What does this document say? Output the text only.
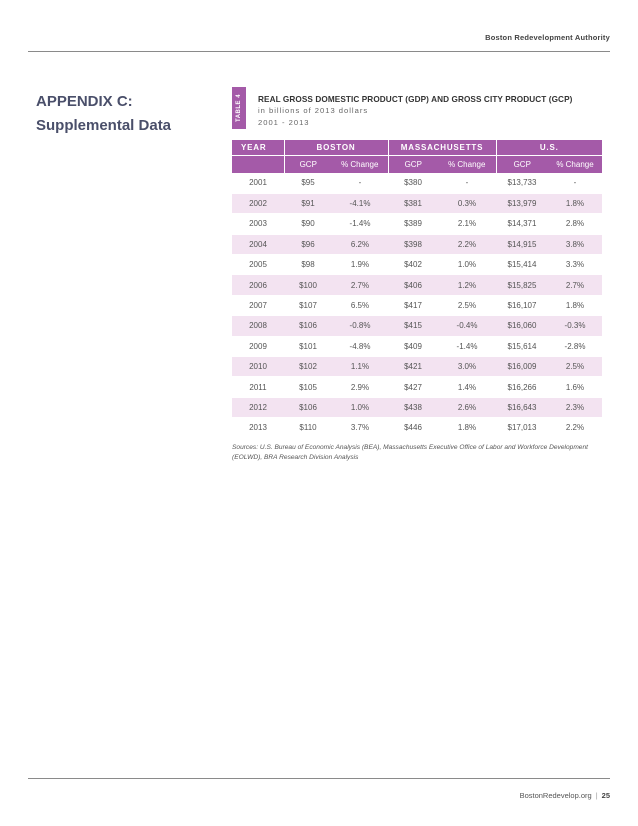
Boston Redevelopment Authority
APPENDIX C:
Supplemental Data
TABLE 4 REAL GROSS DOMESTIC PRODUCT (GDP) AND GROSS CITY PRODUCT (GCP)
in billions of 2013 dollars
2001 - 2013
YEAR	BOSTON		MASSACHUSETTS		U.S.	
	GCP	% Change	GCP	% Change	GCP	% Change
2001	$95	-	$380	-	$13,733	-
2002	$91	-4.1%	$381	0.3%	$13,979	1.8%
2003	$90	-1.4%	$389	2.1%	$14,371	2.8%
2004	$96	6.2%	$398	2.2%	$14,915	3.8%
2005	$98	1.9%	$402	1.0%	$15,414	3.3%
2006	$100	2.7%	$406	1.2%	$15,825	2.7%
2007	$107	6.5%	$417	2.5%	$16,107	1.8%
2008	$106	-0.8%	$415	-0.4%	$16,060	-0.3%
2009	$101	-4.8%	$409	-1.4%	$15,614	-2.8%
2010	$102	1.1%	$421	3.0%	$16,009	2.5%
2011	$105	2.9%	$427	1.4%	$16,266	1.6%
2012	$106	1.0%	$438	2.6%	$16,643	2.3%
2013	$110	3.7%	$446	1.8%	$17,013	2.2%
Sources: U.S. Bureau of Economic Analysis (BEA), Massachusetts Executive Office of Labor and Workforce Development (EOLWD), BRA Research Division Analysis
BostonRedevelop.org | 25
